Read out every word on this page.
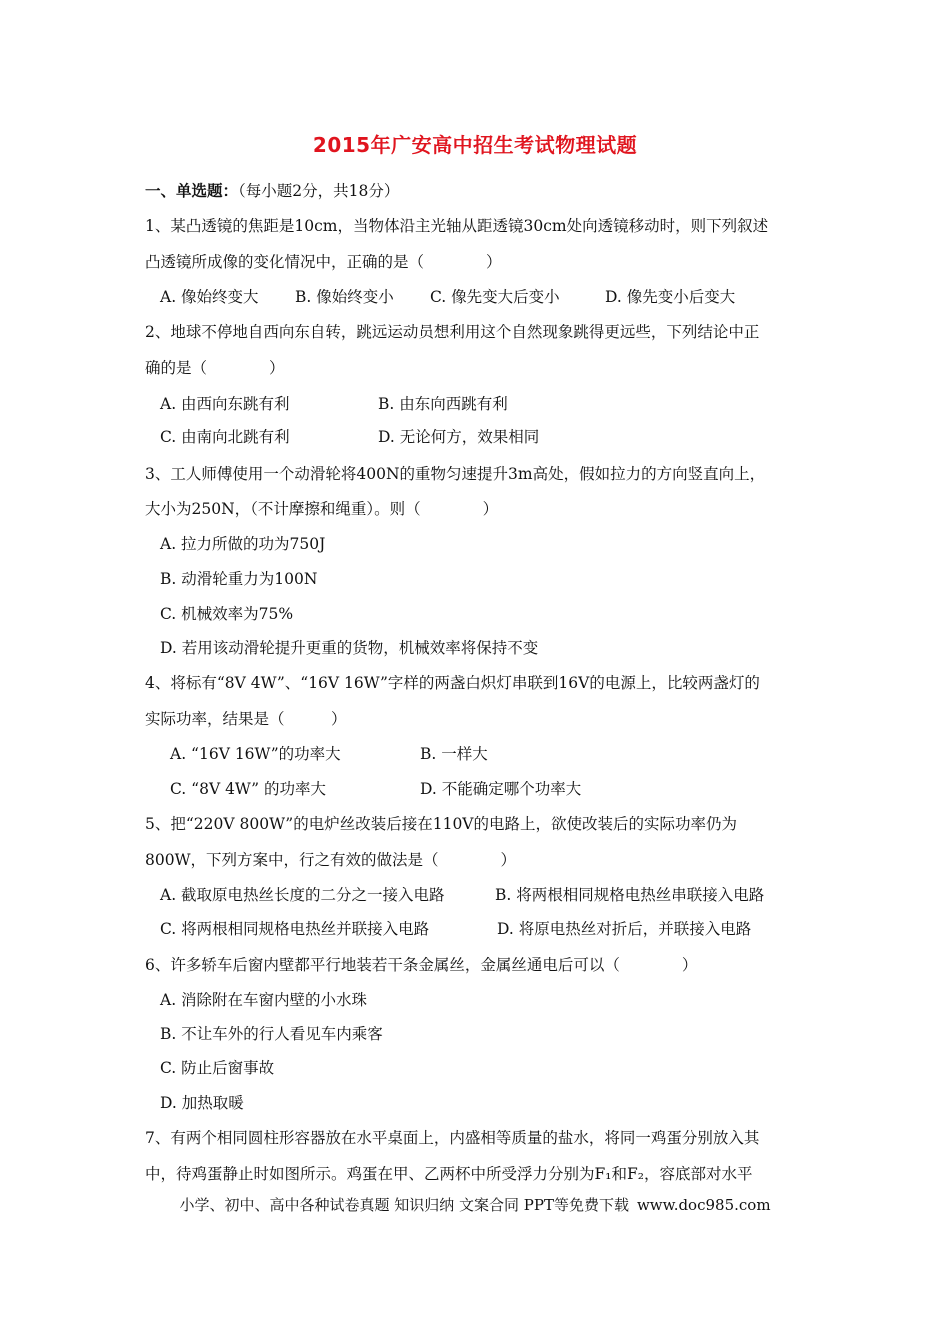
2015年广安高中招生考试物理试题
一、单选题：（每小题2分，共18分）
1、某凸透镜的焦距是10cm，当物体沿主光轴从距透镜30cm处向透镜移动时，则下列叙述
凸透镜所成像的变化情况中，正确的是（　　　　）
A. 像始终变大 B. 像始终变小 C. 像先变大后变小	D. 像先变小后变大
2、地球不停地自西向东自转，跳远运动员想利用这个自然现象跳得更远些，下列结论中正
确的是（　　　　）
A. 由西向东跳有利	B. 由东向西跳有利
C. 由南向北跳有利	D. 无论何方，效果相同
3、工人师傅使用一个动滑轮将400N的重物匀速提升3m高处，假如拉力的方向竖直向上，
大小为250N，（不计摩擦和绳重）。则（　　　　）
A. 拉力所做的功为750J
B. 动滑轮重力为100N
C. 机械效率为75%
D. 若用该动滑轮提升更重的货物，机械效率将保持不变
4、将标有“8V 4W”、“16V 16W”字样的两盏白炽灯串联到16V的电源上，比较两盏灯的
实际功率，结果是（　　　）
A. “16V 16W”的功率大	B. 一样大
C. “8V 4W” 的功率大	D. 不能确定哪个功率大
5、把“220V 800W”的电炉丝改装后接在110V的电路上，欲使改装后的实际功率仍为
800W，下列方案中，行之有效的做法是（　　　　）
A. 截取原电热丝长度的二分之一接入电路	B. 将两根相同规格电热丝串联接入电路
C. 将两根相同规格电热丝并联接入电路	D. 将原电热丝对折后，并联接入电路
6、许多轿车后窗内壁都平行地装若干条金属丝，金属丝通电后可以（　　　　）
A. 消除附在车窗内壁的小水珠
B. 不让车外的行人看见车内乘客
C. 防止后窗事故
D. 加热取暖
7、有两个相同圆柱形容器放在水平桌面上，内盛相等质量的盐水，将同一鸡蛋分别放入其
中，待鸡蛋静止时如图所示。鸡蛋在甲、乙两杯中所受浮力分别为F₁和F₂，容底部对水平
小学、初中、高中各种试卷真题 知识归纳 文案合同 PPT等免费下载 www.doc985.com
